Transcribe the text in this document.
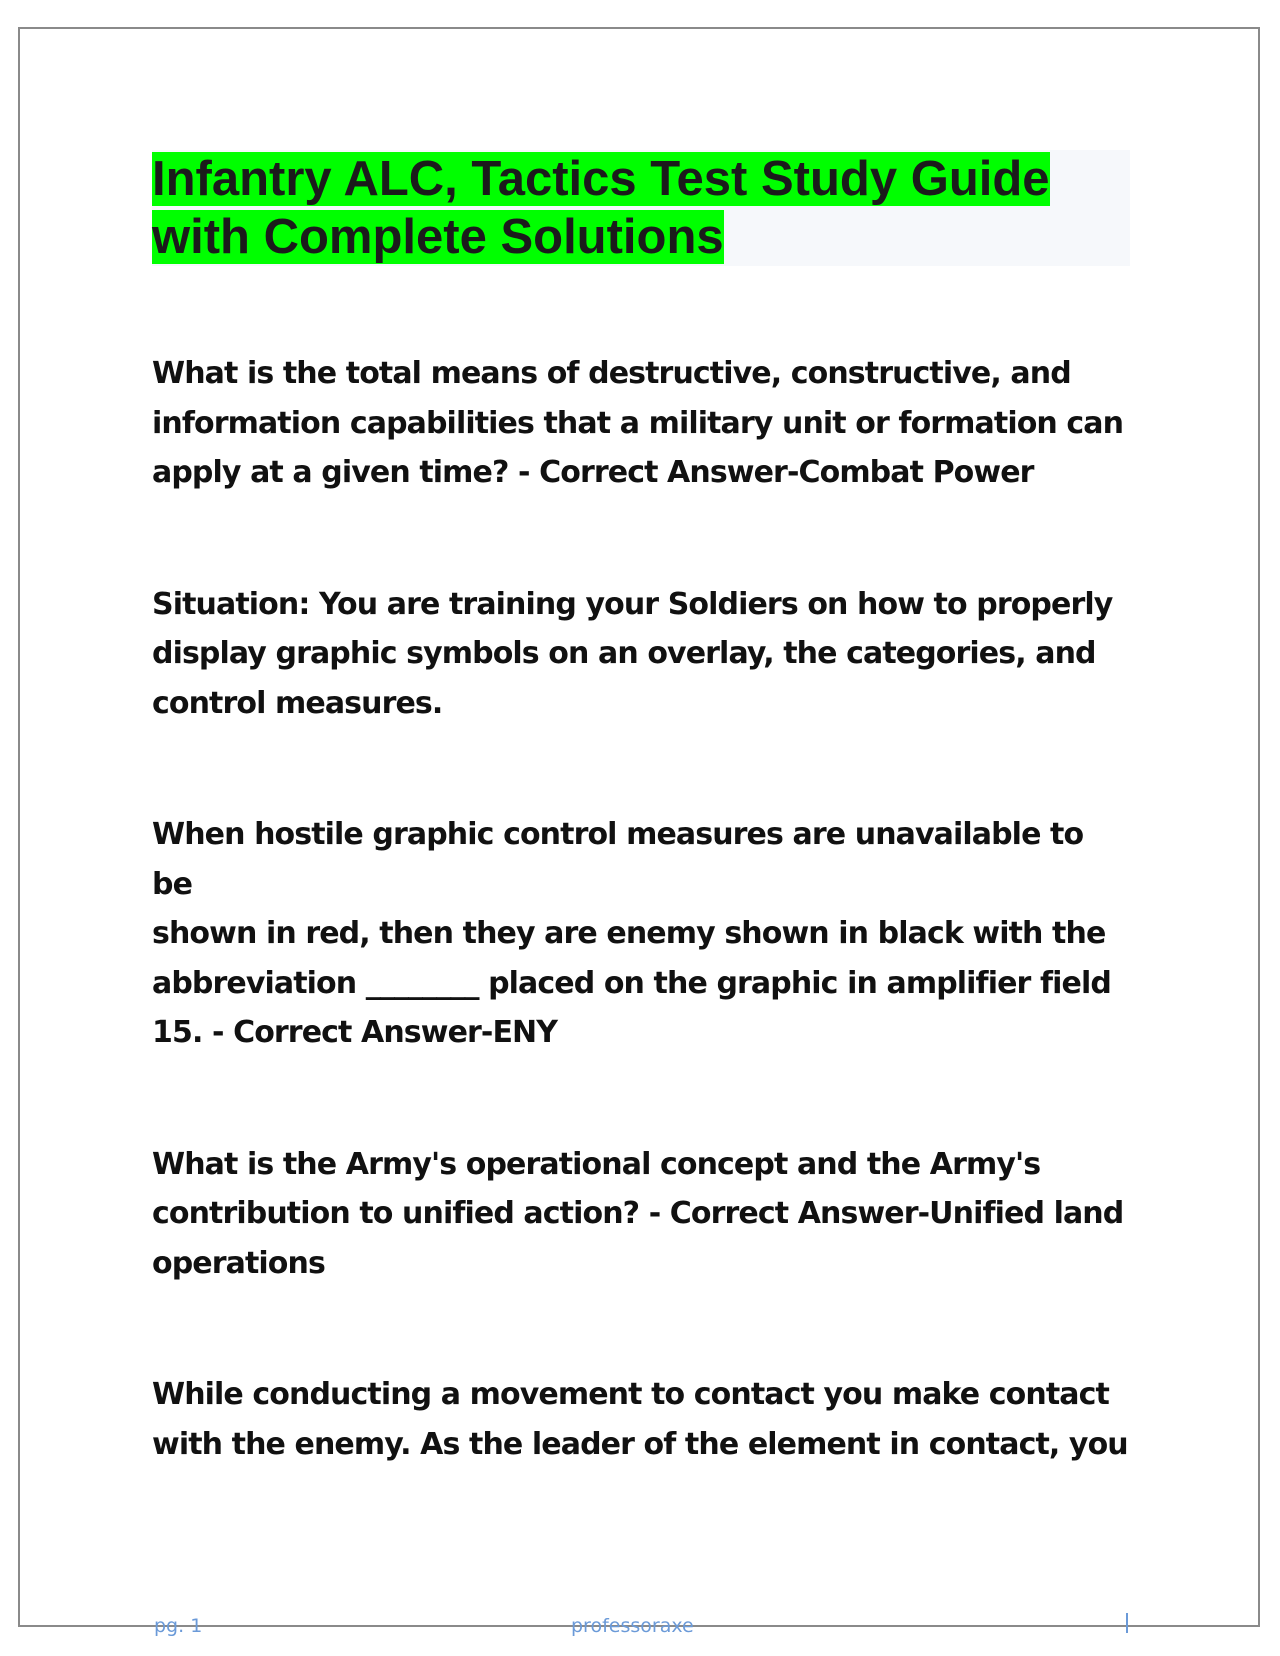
Infantry ALC, Tactics Test Study Guide
with Complete Solutions

What is the total means of destructive, constructive, and
information capabilities that a military unit or formation can
apply at a given time? - Correct Answer-Combat Power

Situation: You are training your Soldiers on how to properly
display graphic symbols on an overlay, the categories, and
control measures.

When hostile graphic control measures are unavailable to be
shown in red, then they are enemy shown in black with the
abbreviation ________ placed on the graphic in amplifier field
15. - Correct Answer-ENY

What is the Army's operational concept and the Army's
contribution to unified action? - Correct Answer-Unified land
operations

While conducting a movement to contact you make contact
with the enemy. As the leader of the element in contact, you

pg. 1	professoraxe
